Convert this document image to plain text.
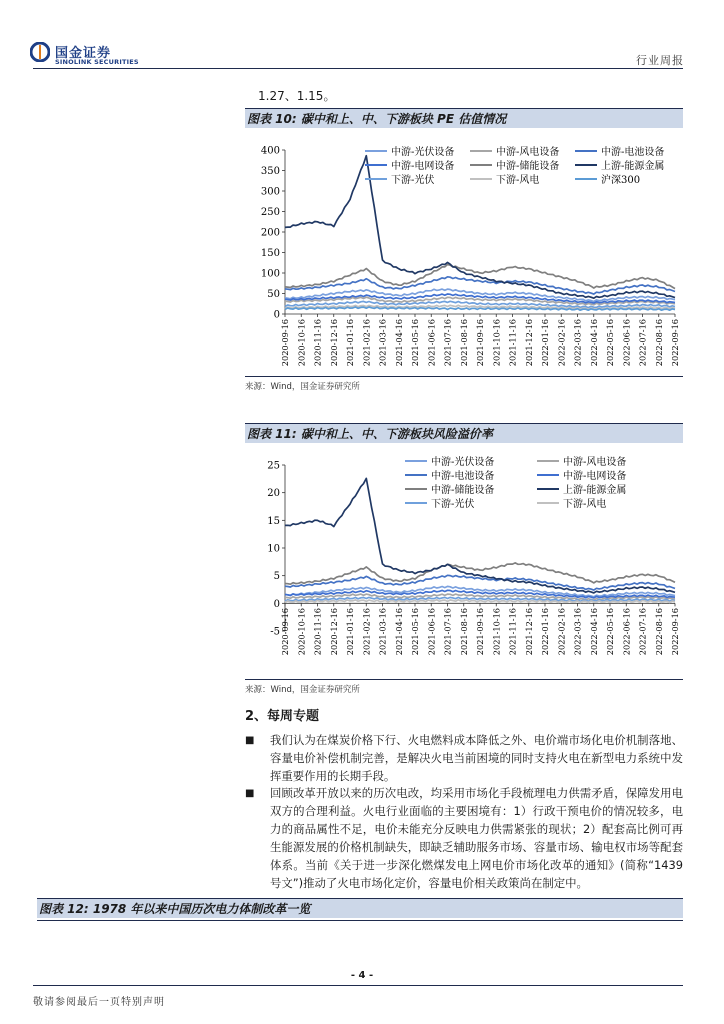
国金证券
SINOLINK SECURITIES	行业周报
1.27、1.15。
图表 10: 碳中和上、中、下游板块 PE 估值情况
0
50
100
150
200
250
300
350
400
2020-09-16 2020-10-16 2020-11-16 2020-12-16 2021-01-16 2021-02-16 2021-03-16 2021-04-16 2021-05-16 2021-06-16 2021-07-16 2021-08-16 2021-09-16 2021-10-16 2021-11-16 2021-12-16 2022-01-16 2022-02-16 2022-03-16 2022-04-16 2022-05-16 2022-06-16 2022-07-16 2022-08-16 2022-09-16
中游-光伏设备	中游-风电设备	中游-电池设备
中游-电网设备	中游-储能设备	上游-能源金属
下游-光伏	下游-风电	沪深300
来源：Wind，国金证券研究所
图表 11: 碳中和上、中、下游板块风险溢价率
-5
0
5
10
15
20
25
2020-09-16 2020-10-16 2020-11-16 2020-12-16 2021-01-16 2021-02-16 2021-03-16 2021-04-16 2021-05-16 2021-06-16 2021-07-16 2021-08-16 2021-09-16 2021-10-16 2021-11-16 2021-12-16 2022-01-16 2022-02-16 2022-03-16 2022-04-16 2022-05-16 2022-06-16 2022-07-16 2022-08-16 2022-09-16
中游-光伏设备	中游-风电设备
中游-电池设备	中游-电网设备
中游-储能设备	上游-能源金属
下游-光伏	下游-风电
来源：Wind，国金证券研究所
2、每周专题
■ 我们认为在煤炭价格下行、火电燃料成本降低之外、电价端市场化电价机制落地、容量电价补偿机制完善，是解决火电当前困境的同时支持火电在新型电力系统中发挥重要作用的长期手段。
■ 回顾改革开放以来的历次电改，均采用市场化手段梳理电力供需矛盾，保障发用电双方的合理利益。火电行业面临的主要困境有：1）行政干预电价的情况较多，电力的商品属性不足，电价未能充分反映电力供需紧张的现状；2）配套高比例可再生能源发展的价格机制缺失，即缺乏辅助服务市场、容量市场、输电权市场等配套体系。当前《关于进一步深化燃煤发电上网电价市场化改革的通知》(简称“1439 号文”)推动了火电市场化定价，容量电价相关政策尚在制定中。
图表 12: 1978 年以来中国历次电力体制改革一览
- 4 -
敬请参阅最后一页特别声明
